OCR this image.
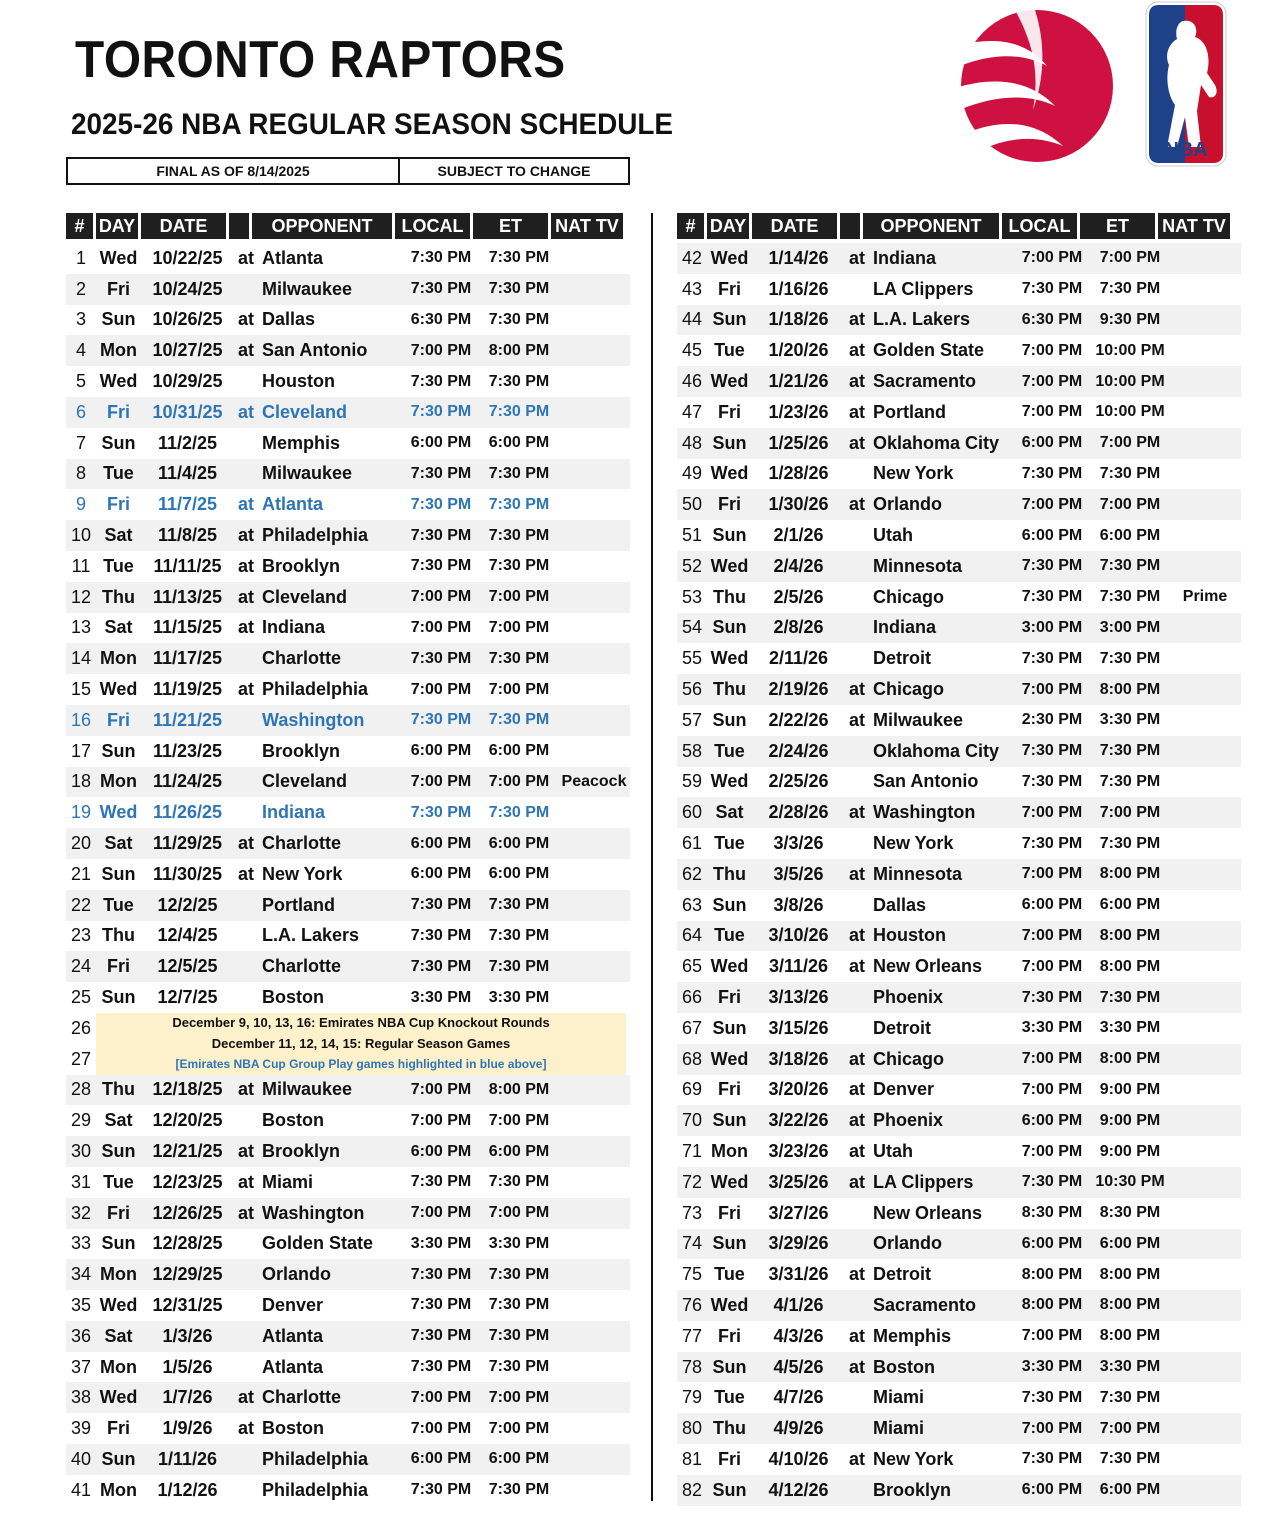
TORONTO RAPTORS
2025-26 NBA REGULAR SEASON SCHEDULE
FINAL AS OF 8/14/2025	SUBJECT TO CHANGE
NBA
# DAY	DATE	OPPONENT	LOCAL	ET	NAT TV
1 Wed 10/22/25 at Atlanta	7:30 PM	7:30 PM
2	Fri	10/24/25	Milwaukee	7:30 PM	7:30 PM
3 Sun 10/26/25 at Dallas	6:30 PM	7:30 PM
4 Mon 10/27/25 at San Antonio	7:00 PM	8:00 PM
5 Wed 10/29/25	Houston	7:30 PM	7:30 PM
6	Fri	10/31/25 at Cleveland	7:30 PM	7:30 PM
7 Sun	11/2/25	Memphis	6:00 PM	6:00 PM
8 Tue	11/4/25	Milwaukee	7:30 PM	7:30 PM
9	Fri	11/7/25	at Atlanta	7:30 PM	7:30 PM
10 Sat	11/8/25	at Philadelphia	7:30 PM	7:30 PM
11 Tue	11/11/25 at Brooklyn	7:30 PM	7:30 PM
12 Thu 11/13/25 at Cleveland	7:00 PM	7:00 PM
13 Sat	11/15/25 at Indiana	7:00 PM	7:00 PM
14 Mon 11/17/25	Charlotte	7:30 PM	7:30 PM
15 Wed 11/19/25 at Philadelphia	7:00 PM	7:00 PM
16 Fri	11/21/25	Washington	7:30 PM	7:30 PM
17 Sun 11/23/25	Brooklyn	6:00 PM	6:00 PM
18 Mon 11/24/25	Cleveland	7:00 PM	7:00 PM Peacock
19 Wed 11/26/25	Indiana	7:30 PM	7:30 PM
20 Sat	11/29/25 at Charlotte	6:00 PM	6:00 PM
21 Sun 11/30/25 at New York	6:00 PM	6:00 PM
22 Tue	12/2/25	Portland	7:30 PM	7:30 PM
23 Thu	12/4/25	L.A. Lakers	7:30 PM	7:30 PM
24 Fri	12/5/25	Charlotte	7:30 PM	7:30 PM
25 Sun	12/7/25	Boston	3:30 PM	3:30 PM
26
27
December 9, 10, 13, 16: Emirates NBA Cup Knockout Rounds
December 11, 12, 14, 15: Regular Season Games
[Emirates NBA Cup Group Play games highlighted in blue above]
28 Thu 12/18/25 at Milwaukee	7:00 PM	8:00 PM
29 Sat	12/20/25	Boston	7:00 PM	7:00 PM
30 Sun 12/21/25 at Brooklyn	6:00 PM	6:00 PM
31 Tue	12/23/25 at Miami	7:30 PM	7:30 PM
32 Fri	12/26/25 at Washington	7:00 PM	7:00 PM
33 Sun 12/28/25	Golden State	3:30 PM	3:30 PM
34 Mon 12/29/25	Orlando	7:30 PM	7:30 PM
35 Wed 12/31/25	Denver	7:30 PM	7:30 PM
36 Sat	1/3/26	Atlanta	7:30 PM	7:30 PM
37 Mon	1/5/26	Atlanta	7:30 PM	7:30 PM
38 Wed	1/7/26	at Charlotte	7:00 PM	7:00 PM
39 Fri	1/9/26	at Boston	7:00 PM	7:00 PM
40 Sun	1/11/26	Philadelphia	6:00 PM	6:00 PM
41 Mon	1/12/26	Philadelphia	7:30 PM	7:30 PM
# DAY	DATE	OPPONENT	LOCAL	ET	NAT TV
42 Wed	1/14/26	at Indiana	7:00 PM	7:00 PM
43 Fri	1/16/26	LA Clippers	7:30 PM	7:30 PM
44 Sun	1/18/26	at L.A. Lakers	6:30 PM	9:30 PM
45 Tue	1/20/26	at Golden State	7:00 PM 10:00 PM
46 Wed	1/21/26	at Sacramento	7:00 PM 10:00 PM
47 Fri	1/23/26	at Portland	7:00 PM 10:00 PM
48 Sun	1/25/26	at Oklahoma City	6:00 PM	7:00 PM
49 Wed	1/28/26	New York	7:30 PM	7:30 PM
50 Fri	1/30/26	at Orlando	7:00 PM	7:00 PM
51 Sun	2/1/26	Utah	6:00 PM	6:00 PM
52 Wed	2/4/26	Minnesota	7:30 PM	7:30 PM
53 Thu	2/5/26	Chicago	7:30 PM	7:30 PM	Prime
54 Sun	2/8/26	Indiana	3:00 PM	3:00 PM
55 Wed	2/11/26	Detroit	7:30 PM	7:30 PM
56 Thu	2/19/26	at Chicago	7:00 PM	8:00 PM
57 Sun	2/22/26	at Milwaukee	2:30 PM	3:30 PM
58 Tue	2/24/26	Oklahoma City	7:30 PM	7:30 PM
59 Wed	2/25/26	San Antonio	7:30 PM	7:30 PM
60 Sat	2/28/26	at Washington	7:00 PM	7:00 PM
61 Tue	3/3/26	New York	7:30 PM	7:30 PM
62 Thu	3/5/26	at Minnesota	7:00 PM	8:00 PM
63 Sun	3/8/26	Dallas	6:00 PM	6:00 PM
64 Tue	3/10/26	at Houston	7:00 PM	8:00 PM
65 Wed	3/11/26	at New Orleans	7:00 PM	8:00 PM
66 Fri	3/13/26	Phoenix	7:30 PM	7:30 PM
67 Sun	3/15/26	Detroit	3:30 PM	3:30 PM
68 Wed	3/18/26	at Chicago	7:00 PM	8:00 PM
69 Fri	3/20/26	at Denver	7:00 PM	9:00 PM
70 Sun	3/22/26	at Phoenix	6:00 PM	9:00 PM
71 Mon	3/23/26	at Utah	7:00 PM	9:00 PM
72 Wed	3/25/26	at LA Clippers	7:30 PM 10:30 PM
73 Fri	3/27/26	New Orleans	8:30 PM	8:30 PM
74 Sun	3/29/26	Orlando	6:00 PM	6:00 PM
75 Tue	3/31/26	at Detroit	8:00 PM	8:00 PM
76 Wed	4/1/26	Sacramento	8:00 PM	8:00 PM
77 Fri	4/3/26	at Memphis	7:00 PM	8:00 PM
78 Sun	4/5/26	at Boston	3:30 PM	3:30 PM
79 Tue	4/7/26	Miami	7:30 PM	7:30 PM
80 Thu	4/9/26	Miami	7:00 PM	7:00 PM
81 Fri	4/10/26	at New York	7:30 PM	7:30 PM
82 Sun	4/12/26	Brooklyn	6:00 PM	6:00 PM
